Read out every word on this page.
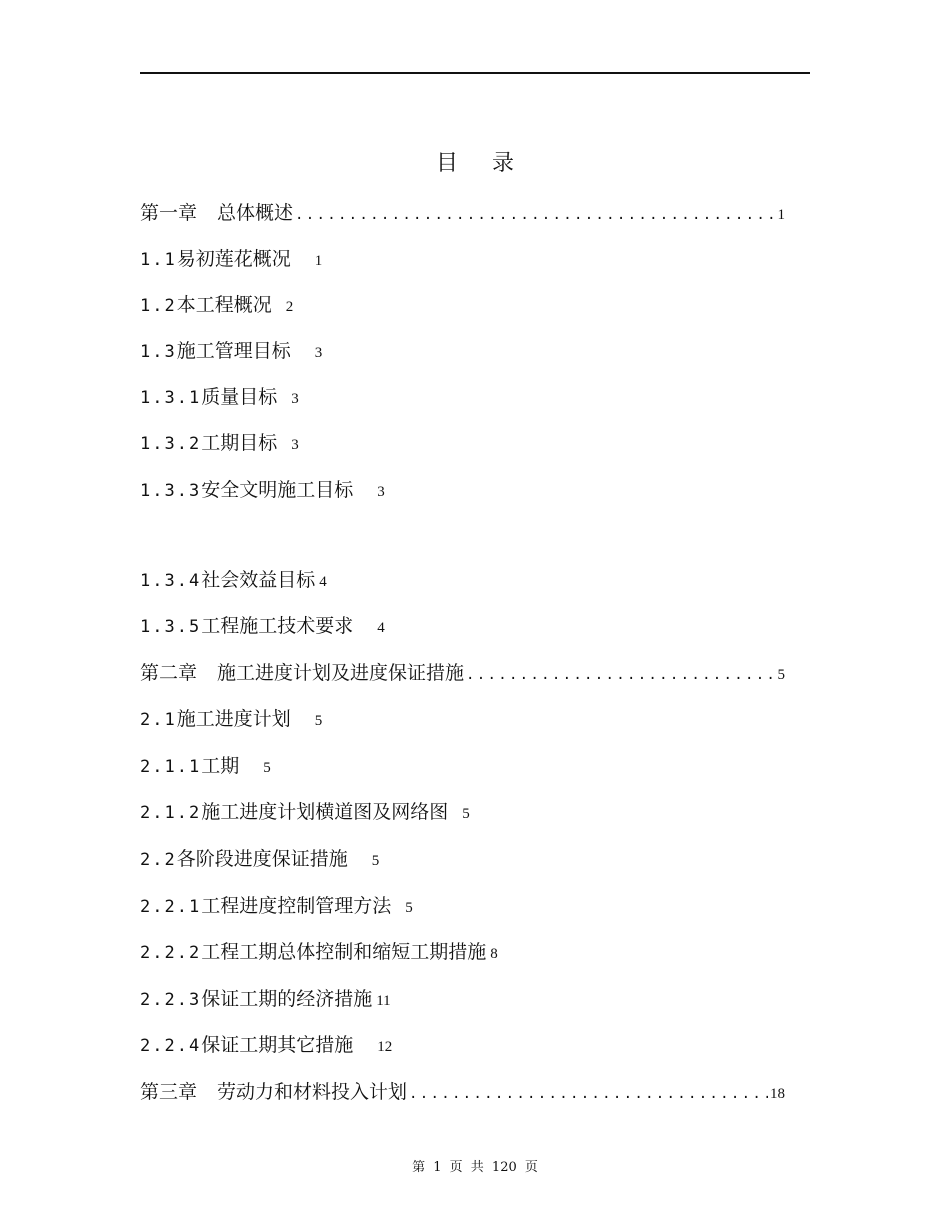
目 录
第一章 总体概述 .....	1
1.1易初莲花概况 1
1.2本工程概况 2
1.3施工管理目标 3
1.3.1质量目标 3
1.3.2工期目标 3
1.3.3安全文明施工目标 3
1.3.4社会效益目标 4
1.3.5工程施工技术要求 4
第二章 施工进度计划及进度保证措施 .....	5
2.1施工进度计划 5
2.1.1工期 5
2.1.2施工进度计划横道图及网络图 5
2.2各阶段进度保证措施 5
2.2.1工程进度控制管理方法 5
2.2.2工程工期总体控制和缩短工期措施 8
2.2.3保证工期的经济措施 11
2.2.4保证工期其它措施 12
第三章 劳动力和材料投入计划 .....	18
第 1 页 共 120 页
